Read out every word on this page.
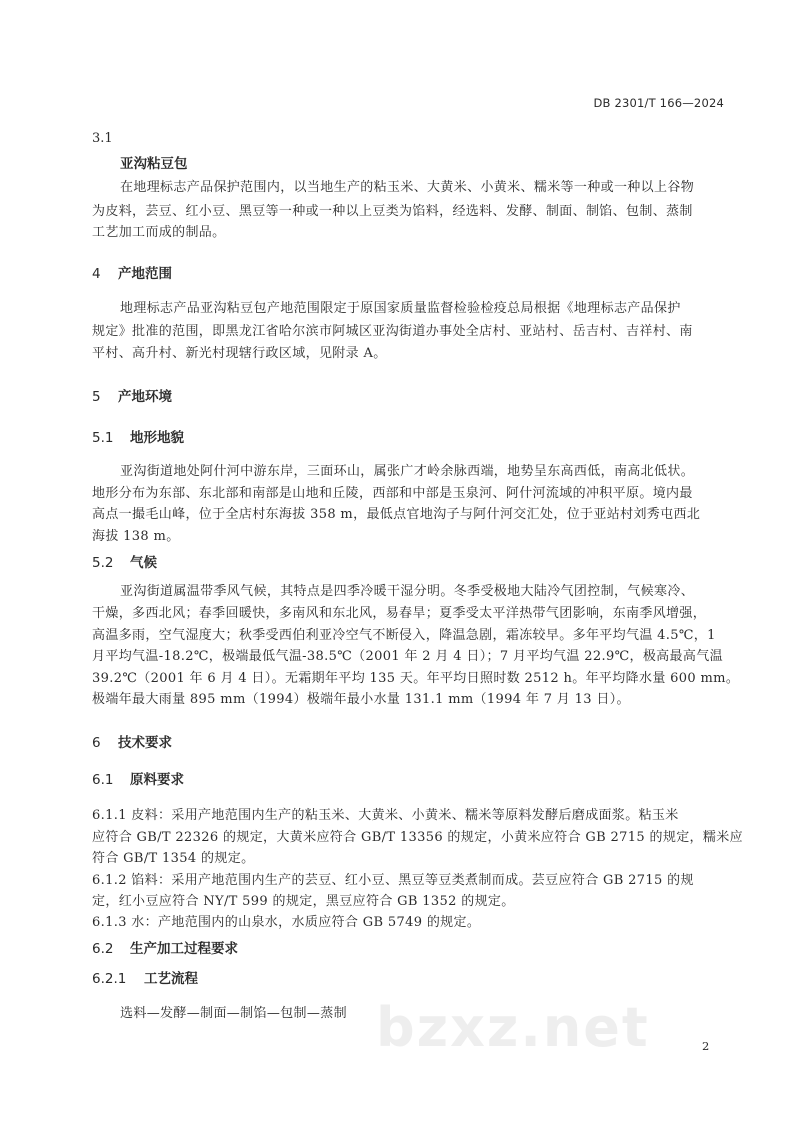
bzxz.net
DB 2301/T 166—2024
3.1
亚沟粘豆包
在地理标志产品保护范围内，以当地生产的粘玉米、大黄米、小黄米、糯米等一种或一种以上谷物
为皮料，芸豆、红小豆、黑豆等一种或一种以上豆类为馅料，经选料、发酵、制面、制馅、包制、蒸制
工艺加工而成的制品。
4 产地范围
地理标志产品亚沟粘豆包产地范围限定于原国家质量监督检验检疫总局根据《地理标志产品保护
规定》批准的范围，即黑龙江省哈尔滨市阿城区亚沟街道办事处全店村、亚站村、岳吉村、吉祥村、南
平村、高升村、新光村现辖行政区域，见附录 A。
5 产地环境
5.1 地形地貌
亚沟街道地处阿什河中游东岸，三面环山，属张广才岭余脉西端，地势呈东高西低，南高北低状。
地形分布为东部、东北部和南部是山地和丘陵，西部和中部是玉泉河、阿什河流域的冲积平原。境内最
高点一撮毛山峰，位于全店村东海拔 358 m，最低点官地沟子与阿什河交汇处，位于亚站村刘秀屯西北
海拔 138 m。
5.2 气候
亚沟街道属温带季风气候，其特点是四季冷暖干湿分明。冬季受极地大陆冷气团控制，气候寒冷、
干燥，多西北风；春季回暖快，多南风和东北风，易春旱；夏季受太平洋热带气团影响，东南季风增强，
高温多雨，空气湿度大；秋季受西伯利亚冷空气不断侵入，降温急剧，霜冻较早。多年平均气温 4.5℃，1
月平均气温-18.2℃，极端最低气温-38.5℃（2001 年 2 月 4 日）；7 月平均气温 22.9℃，极高最高气温
39.2℃（2001 年 6 月 4 日）。无霜期年平均 135 天。年平均日照时数 2512 h。年平均降水量 600 mm。
极端年最大雨量 895 mm（1994）极端年最小水量 131.1 mm（1994 年 7 月 13 日）。
6 技术要求
6.1 原料要求
6.1.1 皮料：采用产地范围内生产的粘玉米、大黄米、小黄米、糯米等原料发酵后磨成面浆。粘玉米
应符合 GB/T 22326 的规定，大黄米应符合 GB/T 13356 的规定，小黄米应符合 GB 2715 的规定，糯米应
符合 GB/T 1354 的规定。
6.1.2 馅料：采用产地范围内生产的芸豆、红小豆、黑豆等豆类煮制而成。芸豆应符合 GB 2715 的规
定，红小豆应符合 NY/T 599 的规定，黑豆应符合 GB 1352 的规定。
6.1.3 水：产地范围内的山泉水，水质应符合 GB 5749 的规定。
6.2 生产加工过程要求
6.2.1 工艺流程
选料—发酵—制面—制馅—包制—蒸制
2
